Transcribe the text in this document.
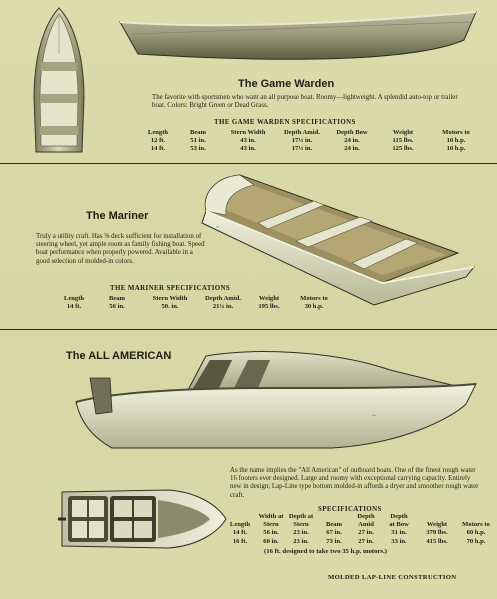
The Game Warden
The favorite with sportsmen who want an all purpose boat. Roomy—lightweight. A splendid auto-top or trailer boat. Colors: Bright Green or Dead Grass.
THE GAME WARDEN SPECIFICATIONS
Length	Beam	Stern Width	Depth Amid.	Depth Bow	Weight	Motors to
12 ft.	51 in.	43 in.	17½ in.	24 in.	115 lbs.	10 h.p.
14 ft.	53 in.	43 in.	17½ in.	24 in.	125 lbs.	10 h.p.
~
The Mariner
Truly a utility craft. Has ⅝ deck sufficient for installation of steering wheel, yet ample room as family fishing boat. Speed boat performance when properly powered. Available in a good selection of molded-in colors.
THE MARINER SPECIFICATIONS
Length	Beam	Stern Width	Depth Amid.	Weight	Motors to
14 ft.	56 in.	50. in.	21½ in.	195 lbs.	30 h.p.
The ALL AMERICAN
~
As the name implies the "All American" of outboard boats. One of the finest rough water 16 footers ever designed. Large and roomy with exceptional carrying capacity. Entirely new in design; Lap-Line type bottom molded-in affords a dryer and smoother rough water craft.
SPECIFICATIONS
	Width at	Depth at		Depth	Depth		
Length	Stern	Stern	Beam	Amid	at Bow	Weight	Motors to
14 ft.	56 in.	23 in.	67 in.	27 in.	31 in.	370 lbs.	60 h.p.
16 ft.	60 in.	23 in.	73 in.	27 in.	33 in.	415 lbs.	70 h.p.
(16 ft. designed to take two 35 h.p. motors.)
MOLDED LAP-LINE CONSTRUCTION
